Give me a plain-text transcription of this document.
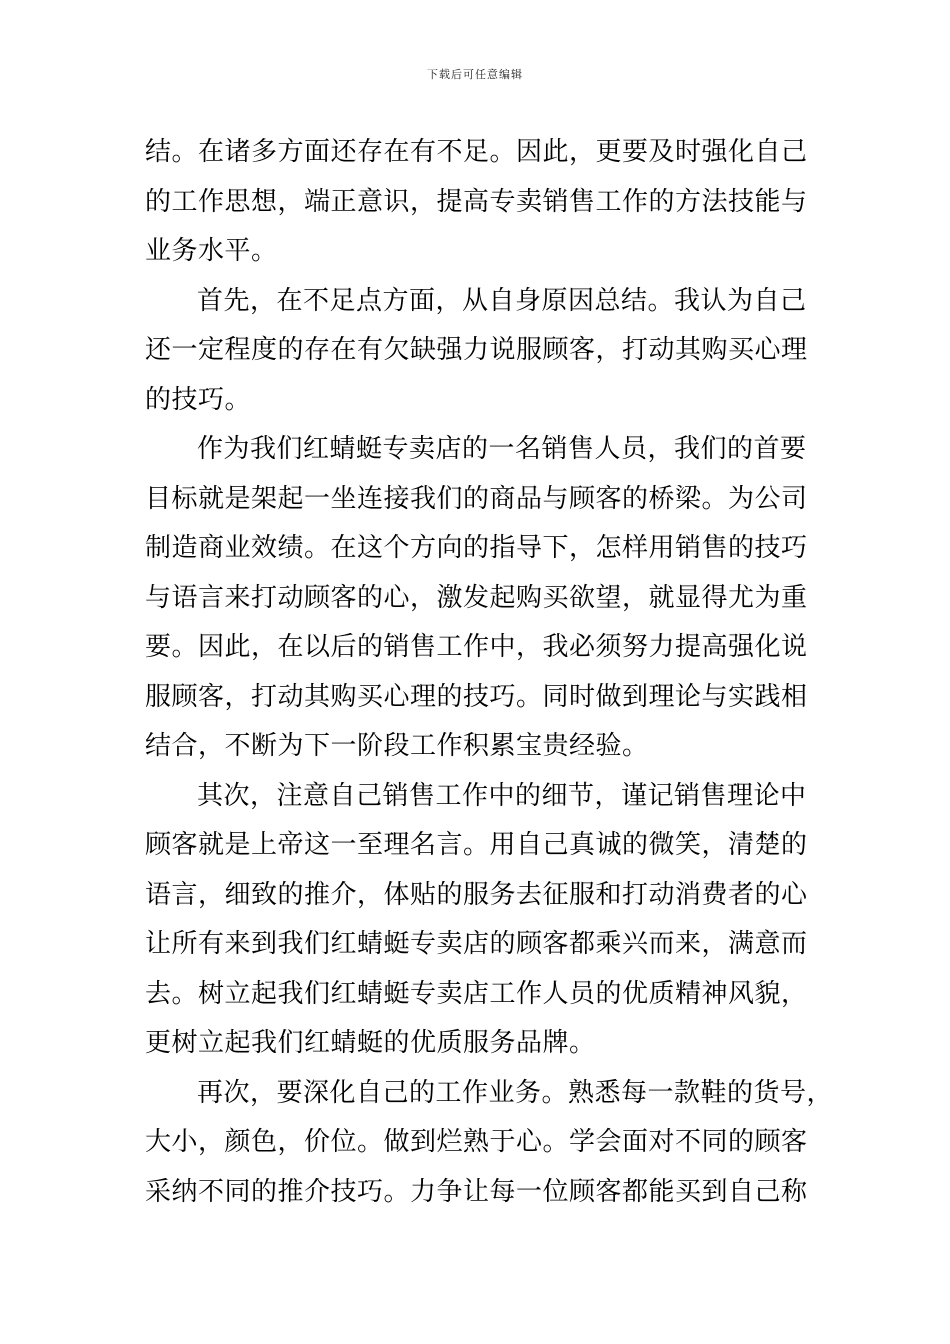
下载后可任意编辑
结。在诸多方面还存在有不足。因此，更要及时强化自己
的工作思想，端正意识，提高专卖销售工作的方法技能与
业务水平。
首先，在不足点方面，从自身原因总结。我认为自己
还一定程度的存在有欠缺强力说服顾客，打动其购买心理
的技巧。
作为我们红蜻蜓专卖店的一名销售人员，我们的首要
目标就是架起一坐连接我们的商品与顾客的桥梁。为公司
制造商业效绩。在这个方向的指导下，怎样用销售的技巧
与语言来打动顾客的心，激发起购买欲望，就显得尤为重
要。因此，在以后的销售工作中，我必须努力提高强化说
服顾客，打动其购买心理的技巧。同时做到理论与实践相
结合，不断为下一阶段工作积累宝贵经验。
其次，注意自己销售工作中的细节，谨记销售理论中
顾客就是上帝这一至理名言。用自己真诚的微笑，清楚的
语言，细致的推介，体贴的服务去征服和打动消费者的心
让所有来到我们红蜻蜓专卖店的顾客都乘兴而来，满意而
去。树立起我们红蜻蜓专卖店工作人员的优质精神风貌，
更树立起我们红蜻蜓的优质服务品牌。
再次，要深化自己的工作业务。熟悉每一款鞋的货号，
大小，颜色，价位。做到烂熟于心。学会面对不同的顾客
采纳不同的推介技巧。力争让每一位顾客都能买到自己称
